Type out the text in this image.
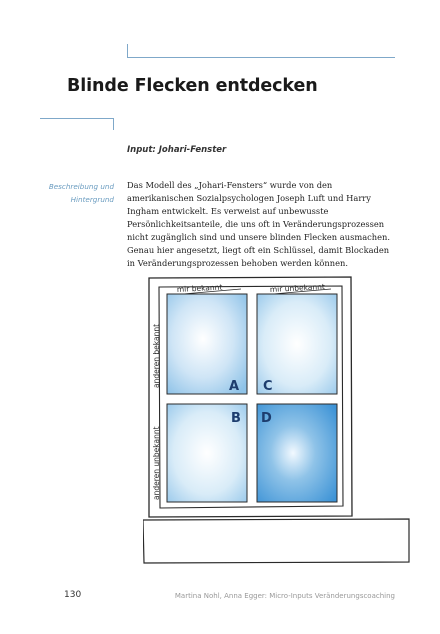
Blinde Flecken entdecken
Input: Johari-Fenster
Beschreibung und
Hintergrund

Das Modell des „Johari-Fensters“ wurde von den amerikanischen Sozialpsychologen Joseph Luft und Harry Ingham entwickelt. Es verweist auf unbewusste Persönlichkeitsanteile, die uns oft in Veränderungsprozessen nicht zugänglich sind und unsere blinden Flecken ausmachen. Genau hier angesetzt, liegt oft ein Schlüssel, damit Blockaden in Veränderungsprozessen behoben werden können.

mir bekannt	mir unbekannt
anderen bekannt
anderen unbekannt
A C
B D
130	Martina Nohl, Anna Egger: Micro-Inputs Veränderungscoaching
